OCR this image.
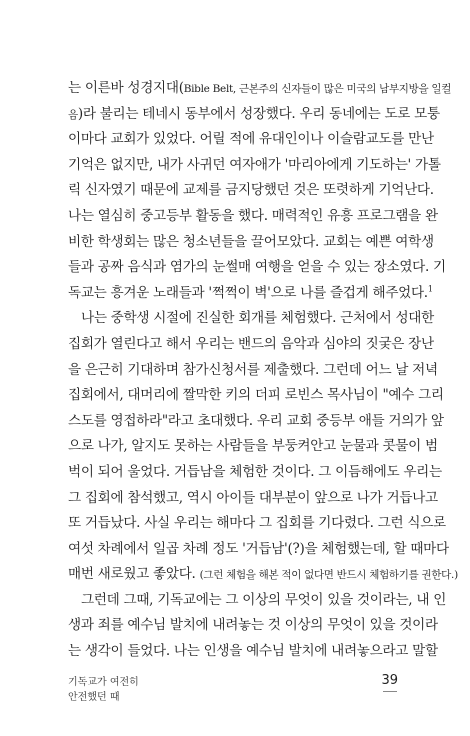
는 이른바 성경지대(Bible Belt, 근본주의 신자들이 많은 미국의 남부지방을 일컬
음)라 불리는 테네시 동부에서 성장했다. 우리 동네에는 도로 모퉁
이마다 교회가 있었다. 어릴 적에 유대인이나 이슬람교도를 만난
기억은 없지만, 내가 사귀던 여자애가 '마리아에게 기도하는' 가톨
릭 신자였기 때문에 교제를 금지당했던 것은 또렷하게 기억난다.
나는 열심히 중고등부 활동을 했다. 매력적인 유흥 프로그램을 완
비한 학생회는 많은 청소년들을 끌어모았다. 교회는 예쁜 여학생
들과 공짜 음식과 염가의 눈썰매 여행을 얻을 수 있는 장소였다. 기
독교는 흥겨운 노래들과 '쩍쩍이 벽'으로 나를 즐겁게 해주었다.$^1$
나는 중학생 시절에 진실한 회개를 체험했다. 근처에서 성대한
집회가 열린다고 해서 우리는 밴드의 음악과 심야의 짓궂은 장난
을 은근히 기대하며 참가신청서를 제출했다. 그런데 어느 날 저녁
집회에서, 대머리에 짤막한 키의 더피 로빈스 목사님이 "예수 그리
스도를 영접하라"라고 초대했다. 우리 교회 중등부 애들 거의가 앞
으로 나가, 알지도 못하는 사람들을 부둥켜안고 눈물과 콧물이 범
벅이 되어 울었다. 거듭남을 체험한 것이다. 그 이듬해에도 우리는
그 집회에 참석했고, 역시 아이들 대부분이 앞으로 나가 거듭나고
또 거듭났다. 사실 우리는 해마다 그 집회를 기다렸다. 그런 식으로
여섯 차례에서 일곱 차례 정도 '거듭남'(?)을 체험했는데, 할 때마다
매번 새로웠고 좋았다. (그런 체험을 해본 적이 없다면 반드시 체험하기를 권한다.)
그런데 그때, 기독교에는 그 이상의 무엇이 있을 것이라는, 내 인
생과 죄를 예수님 발치에 내려놓는 것 이상의 무엇이 있을 것이라
는 생각이 들었다. 나는 인생을 예수님 발치에 내려놓으라고 말할
기독교가 여전히
안전했던 때
39
